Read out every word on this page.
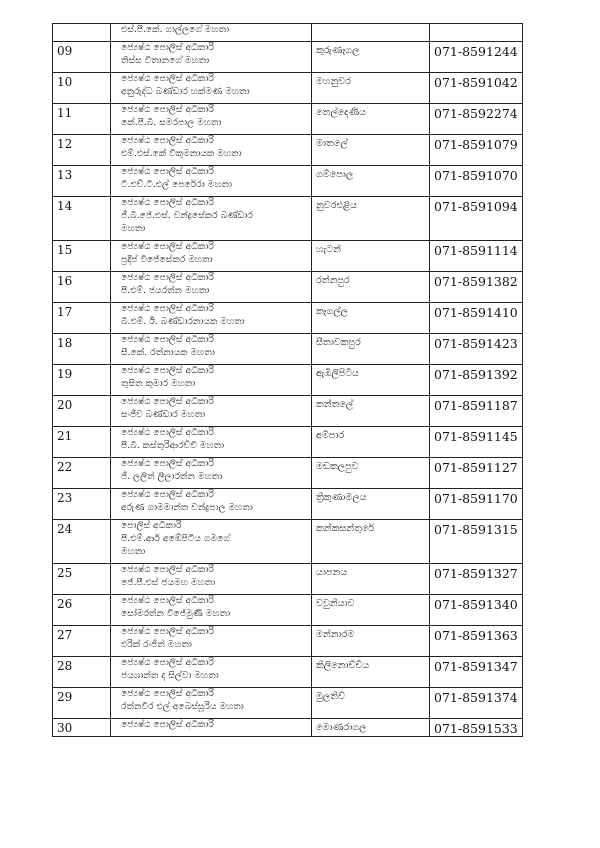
	එස්.පී.කේ. ගාල්ලගේ මහතා		

09	ජ්‍යෙෂ්ඨ පොලිස් අධිකාරි
තිස්ස විතානගේ මහතා	කුරුණෑගල	071-8591244
10	ජ්‍යෙෂ්ඨ පොලිස් අධිකාරි
අනුරුද්ධ බණ්ඩාර හක්මණ මහතා	මහනුවර	071-8591042
11	ජ්‍යෙෂ්ඨ පොලිස් අධිකාරි
කේ.පී.බී. සමරපාල මහතා	තෙල්දෙණිය	071-8592274
12	ජ්‍යෙෂ්ඨ පොලිස් අධිකාරි
එම්.එස්.කේ විකුමනායක මහතා	මාතලේ	071-8591079
13	ජ්‍යෙෂ්ඨ පොලිස් අධිකාරි
ටී.එච්.ටී.එල් පෙරේරා මහතා	ගම්පොල	071-8591070
14	ජ්‍යෙෂ්ඨ පොලිස් අධිකාරි
ජී.බී.ජේ.එස්. චන්ද්‍රසේකර බණ්ඩාර
මහතා	නුවරඑළිය	071-8591094
15	ජ්‍යෙෂ්ඨ පොලිස් අධිකාරි
ප්‍රදීප් විජේසේකර මහතා	හැටන්	071-8591114
16	ජ්‍යෙෂ්ඨ පොලිස් අධිකාරි
පී.එම්. ජයරත්න මහතා	රත්නපුර	071-8591382
17	ජ්‍යෙෂ්ඨ පොලිස් අධිකාරි
බී.එම්. ඊ. බණ්ඩාරනායක මහතා	කෑගල්ල	071-8591410
18	ජ්‍යෙෂ්ඨ පොලිස් අධිකාරි
සී.කේ. රත්නායක මහතා	සීතාවකපුර	071-8591423
19	ජ්‍යෙෂ්ඨ පොලිස් අධිකාරි
තුසිත කුමාර මහතා	ඇඹිලිපිටිය	071-8591392
20	ජ්‍යෙෂ්ඨ පොලිස් අධිකාරි
සංජීව බණ්ඩාර මහතා	කන්තලේ	071-8591187
21	ජ්‍යෙෂ්ඨ පොලිස් අධිකාරි
පී.බී. කස්තුරිආරච්චි මහතා	අම්පාර	071-8591145
22	ජ්‍යෙෂ්ඨ පොලිස් අධිකාරි
ජී. ලලිත් ලීලාරත්න මහතා	මඩකලපුව	071-8591127
23	ජ්‍යෙෂ්ඨ පොලිස් අධිකාරි
අරුණ ගාමමාන්ත චන්ද්‍රපාල මහතා	ත්‍රිකුණාමලය	071-8591170
24	පොලිස් අධිකාරි
පී.එම්.ආර් අඹේපිටිය ගමගේ
මහතා	කන්කසන්තුරේ	071-8591315
25	ජ්‍යෙෂ්ඨ පොලිස් අධිකාරි
ජේ.පී.එස් ජයමහ මහතා	යාපනය	071-8591327
26	ජ්‍යෙෂ්ඨ පොලිස් අධිකාරි
සෝමරත්න විජේමුණි මහතා	වවුනියාව	071-8591340
27	ජ්‍යෙෂ්ඨ පොලිස් අධිකාරි
එරික් රංජිත් මහතා	මන්නාරම	071-8591363
28	ජ්‍යෙෂ්ඨ පොලිස් අධිකාරි
ජයශාන්ත ද සිල්වා මහතා	කිලිනොච්චිය	071-8591347
29	ජ්‍යෙෂ්ඨ පොලිස් අධිකාරි
රත්නවීර එල් අබෙස්සූරිය මහතා	මුලතිව්	071-8591374
30	ජ්‍යෙෂ්ඨ පොලිස් අධිකාරි	මොණරාගල	071-8591533
